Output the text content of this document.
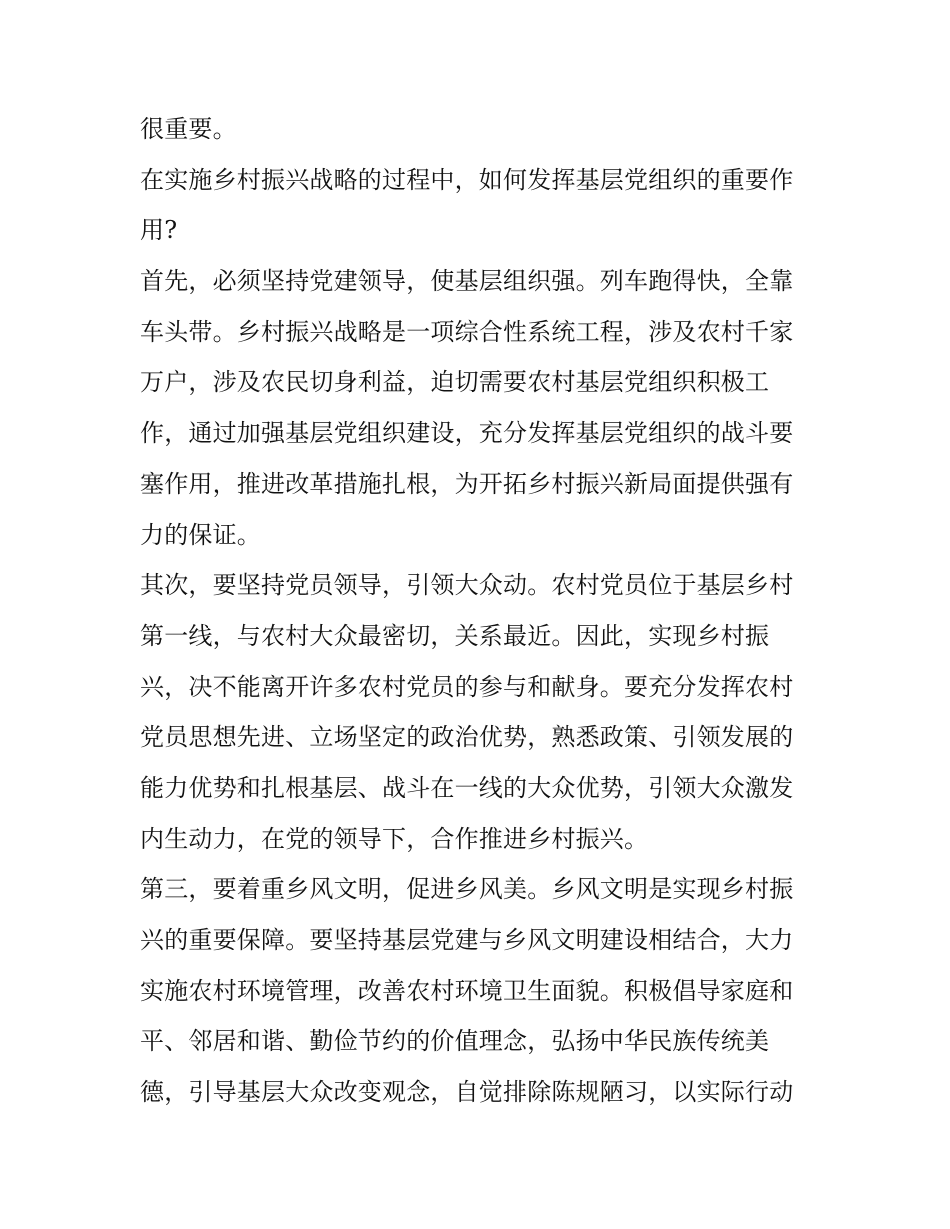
很重要。
在实施乡村振兴战略的过程中，如何发挥基层党组织的重要作
用?
首先，必须坚持党建领导，使基层组织强。列车跑得快，全靠
车头带。乡村振兴战略是一项综合性系统工程，涉及农村千家
万户，涉及农民切身利益，迫切需要农村基层党组织积极工
作，通过加强基层党组织建设，充分发挥基层党组织的战斗要
塞作用，推进改革措施扎根，为开拓乡村振兴新局面提供强有
力的保证。
其次，要坚持党员领导，引领大众动。农村党员位于基层乡村
第一线，与农村大众最密切，关系最近。因此，实现乡村振
兴，决不能离开许多农村党员的参与和献身。要充分发挥农村
党员思想先进、立场坚定的政治优势，熟悉政策、引领发展的
能力优势和扎根基层、战斗在一线的大众优势，引领大众激发
内生动力，在党的领导下，合作推进乡村振兴。
第三，要着重乡风文明，促进乡风美。乡风文明是实现乡村振
兴的重要保障。要坚持基层党建与乡风文明建设相结合，大力
实施农村环境管理，改善农村环境卫生面貌。积极倡导家庭和
平、邻居和谐、勤俭节约的价值理念，弘扬中华民族传统美
德，引导基层大众改变观念，自觉排除陈规陋习，以实际行动
